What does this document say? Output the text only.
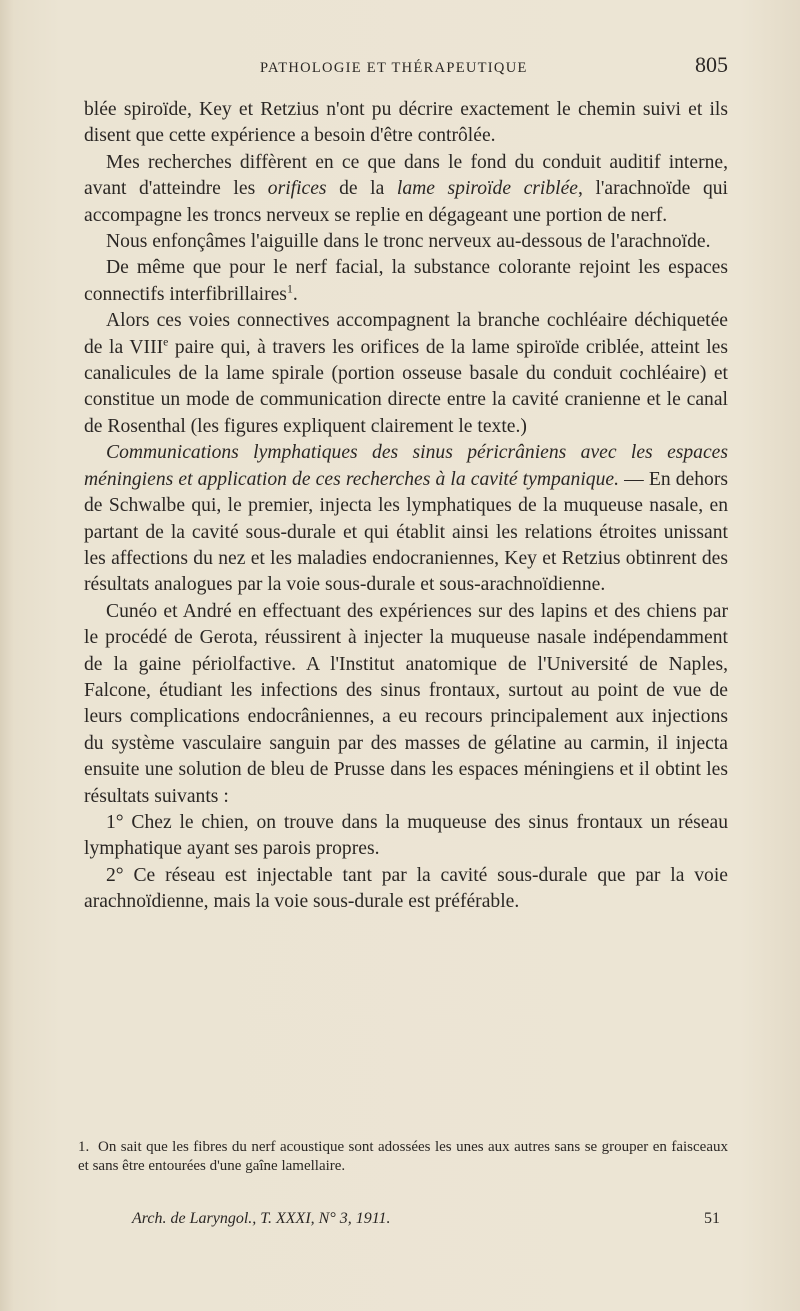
PATHOLOGIE ET THÉRAPEUTIQUE	805

blée spiroïde, Key et Retzius n'ont pu décrire exactement le chemin suivi et ils disent que cette expérience a besoin d'être contrôlée.

Mes recherches diffèrent en ce que dans le fond du conduit auditif interne, avant d'atteindre les orifices de la lame spiroïde criblée, l'arachnoïde qui accompagne les troncs nerveux se replie en dégageant une portion de nerf.

Nous enfonçâmes l'aiguille dans le tronc nerveux au-dessous de l'arachnoïde.

De même que pour le nerf facial, la substance colorante rejoint les espaces connectifs interfibrillaires$^1$.

Alors ces voies connectives accompagnent la branche cochléaire déchiquetée de la VIIIe paire qui, à travers les orifices de la lame spiroïde criblée, atteint les canalicules de la lame spirale (portion osseuse basale du conduit cochléaire) et constitue un mode de communication directe entre la cavité cranienne et le canal de Rosenthal (les figures expliquent clairement le texte.)

Communications lymphatiques des sinus péricrâniens avec les espaces méningiens et application de ces recherches à la cavité tympanique. — En dehors de Schwalbe qui, le premier, injecta les lymphatiques de la muqueuse nasale, en partant de la cavité sous-durale et qui établit ainsi les relations étroites unissant les affections du nez et les maladies endocraniennes, Key et Retzius obtinrent des résultats analogues par la voie sous-durale et sous-arachnoïdienne.

Cunéo et André en effectuant des expériences sur des lapins et des chiens par le procédé de Gerota, réussirent à injecter la muqueuse nasale indépendamment de la gaine périolfactive. A l'Institut anatomique de l'Université de Naples, Falcone, étudiant les infections des sinus frontaux, surtout au point de vue de leurs complications endocrâniennes, a eu recours principalement aux injections du système vasculaire sanguin par des masses de gélatine au carmin, il injecta ensuite une solution de bleu de Prusse dans les espaces méningiens et il obtint les résultats suivants :

1° Chez le chien, on trouve dans la muqueuse des sinus frontaux un réseau lymphatique ayant ses parois propres.

2° Ce réseau est injectable tant par la cavité sous-durale que par la voie arachnoïdienne, mais la voie sous-durale est préférable.

1. On sait que les fibres du nerf acoustique sont adossées les unes aux autres sans se grouper en faisceaux et sans être entourées d'une gaîne lamellaire.

Arch. de Laryngol., T. XXXI, N° 3, 1911.	51
